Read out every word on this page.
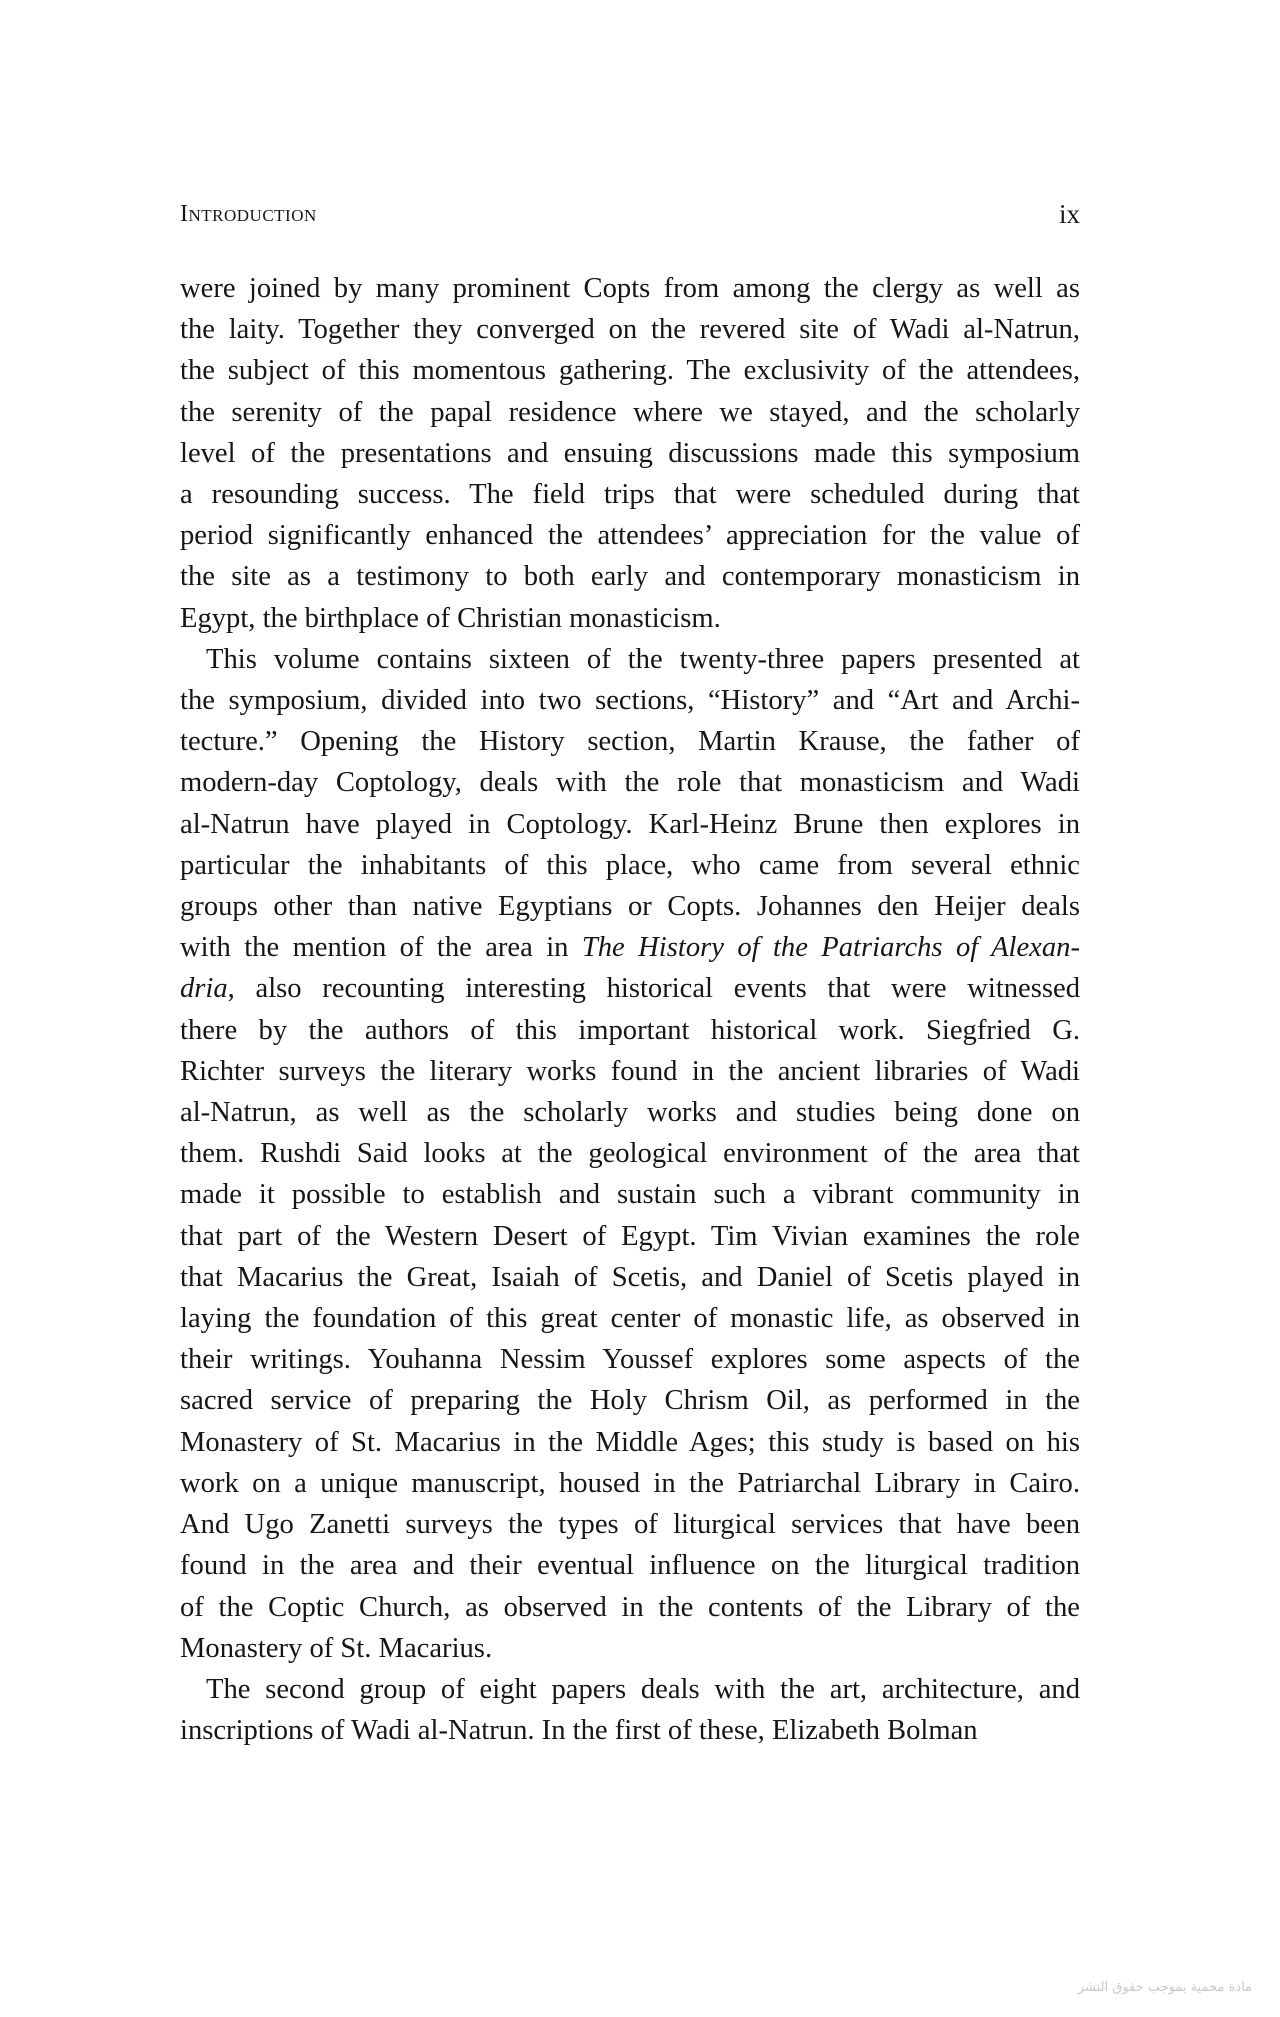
Introduction	ix

were joined by many prominent Copts from among the clergy as well as
the laity. Together they converged on the revered site of Wadi al-Natrun,
the subject of this momentous gathering. The exclusivity of the attendees,
the serenity of the papal residence where we stayed, and the scholarly
level of the presentations and ensuing discussions made this symposium
a resounding success. The field trips that were scheduled during that
period significantly enhanced the attendees’ appreciation for the value of
the site as a testimony to both early and contemporary monasticism in
Egypt, the birthplace of Christian monasticism.

This volume contains sixteen of the twenty-three papers presented at
the symposium, divided into two sections, “History” and “Art and Archi-
tecture.” Opening the History section, Martin Krause, the father of
modern-day Coptology, deals with the role that monasticism and Wadi
al-Natrun have played in Coptology. Karl-Heinz Brune then explores in
particular the inhabitants of this place, who came from several ethnic
groups other than native Egyptians or Copts. Johannes den Heijer deals
with the mention of the area in The History of the Patriarchs of Alexan-
dria, also recounting interesting historical events that were witnessed
there by the authors of this important historical work. Siegfried G.
Richter surveys the literary works found in the ancient libraries of Wadi
al-Natrun, as well as the scholarly works and studies being done on
them. Rushdi Said looks at the geological environment of the area that
made it possible to establish and sustain such a vibrant community in
that part of the Western Desert of Egypt. Tim Vivian examines the role
that Macarius the Great, Isaiah of Scetis, and Daniel of Scetis played in
laying the foundation of this great center of monastic life, as observed in
their writings. Youhanna Nessim Youssef explores some aspects of the
sacred service of preparing the Holy Chrism Oil, as performed in the
Monastery of St. Macarius in the Middle Ages; this study is based on his
work on a unique manuscript, housed in the Patriarchal Library in Cairo.
And Ugo Zanetti surveys the types of liturgical services that have been
found in the area and their eventual influence on the liturgical tradition
of the Coptic Church, as observed in the contents of the Library of the
Monastery of St. Macarius.

The second group of eight papers deals with the art, architecture, and
inscriptions of Wadi al-Natrun. In the first of these, Elizabeth Bolman

مادة محمية بموجب حقوق النشر
